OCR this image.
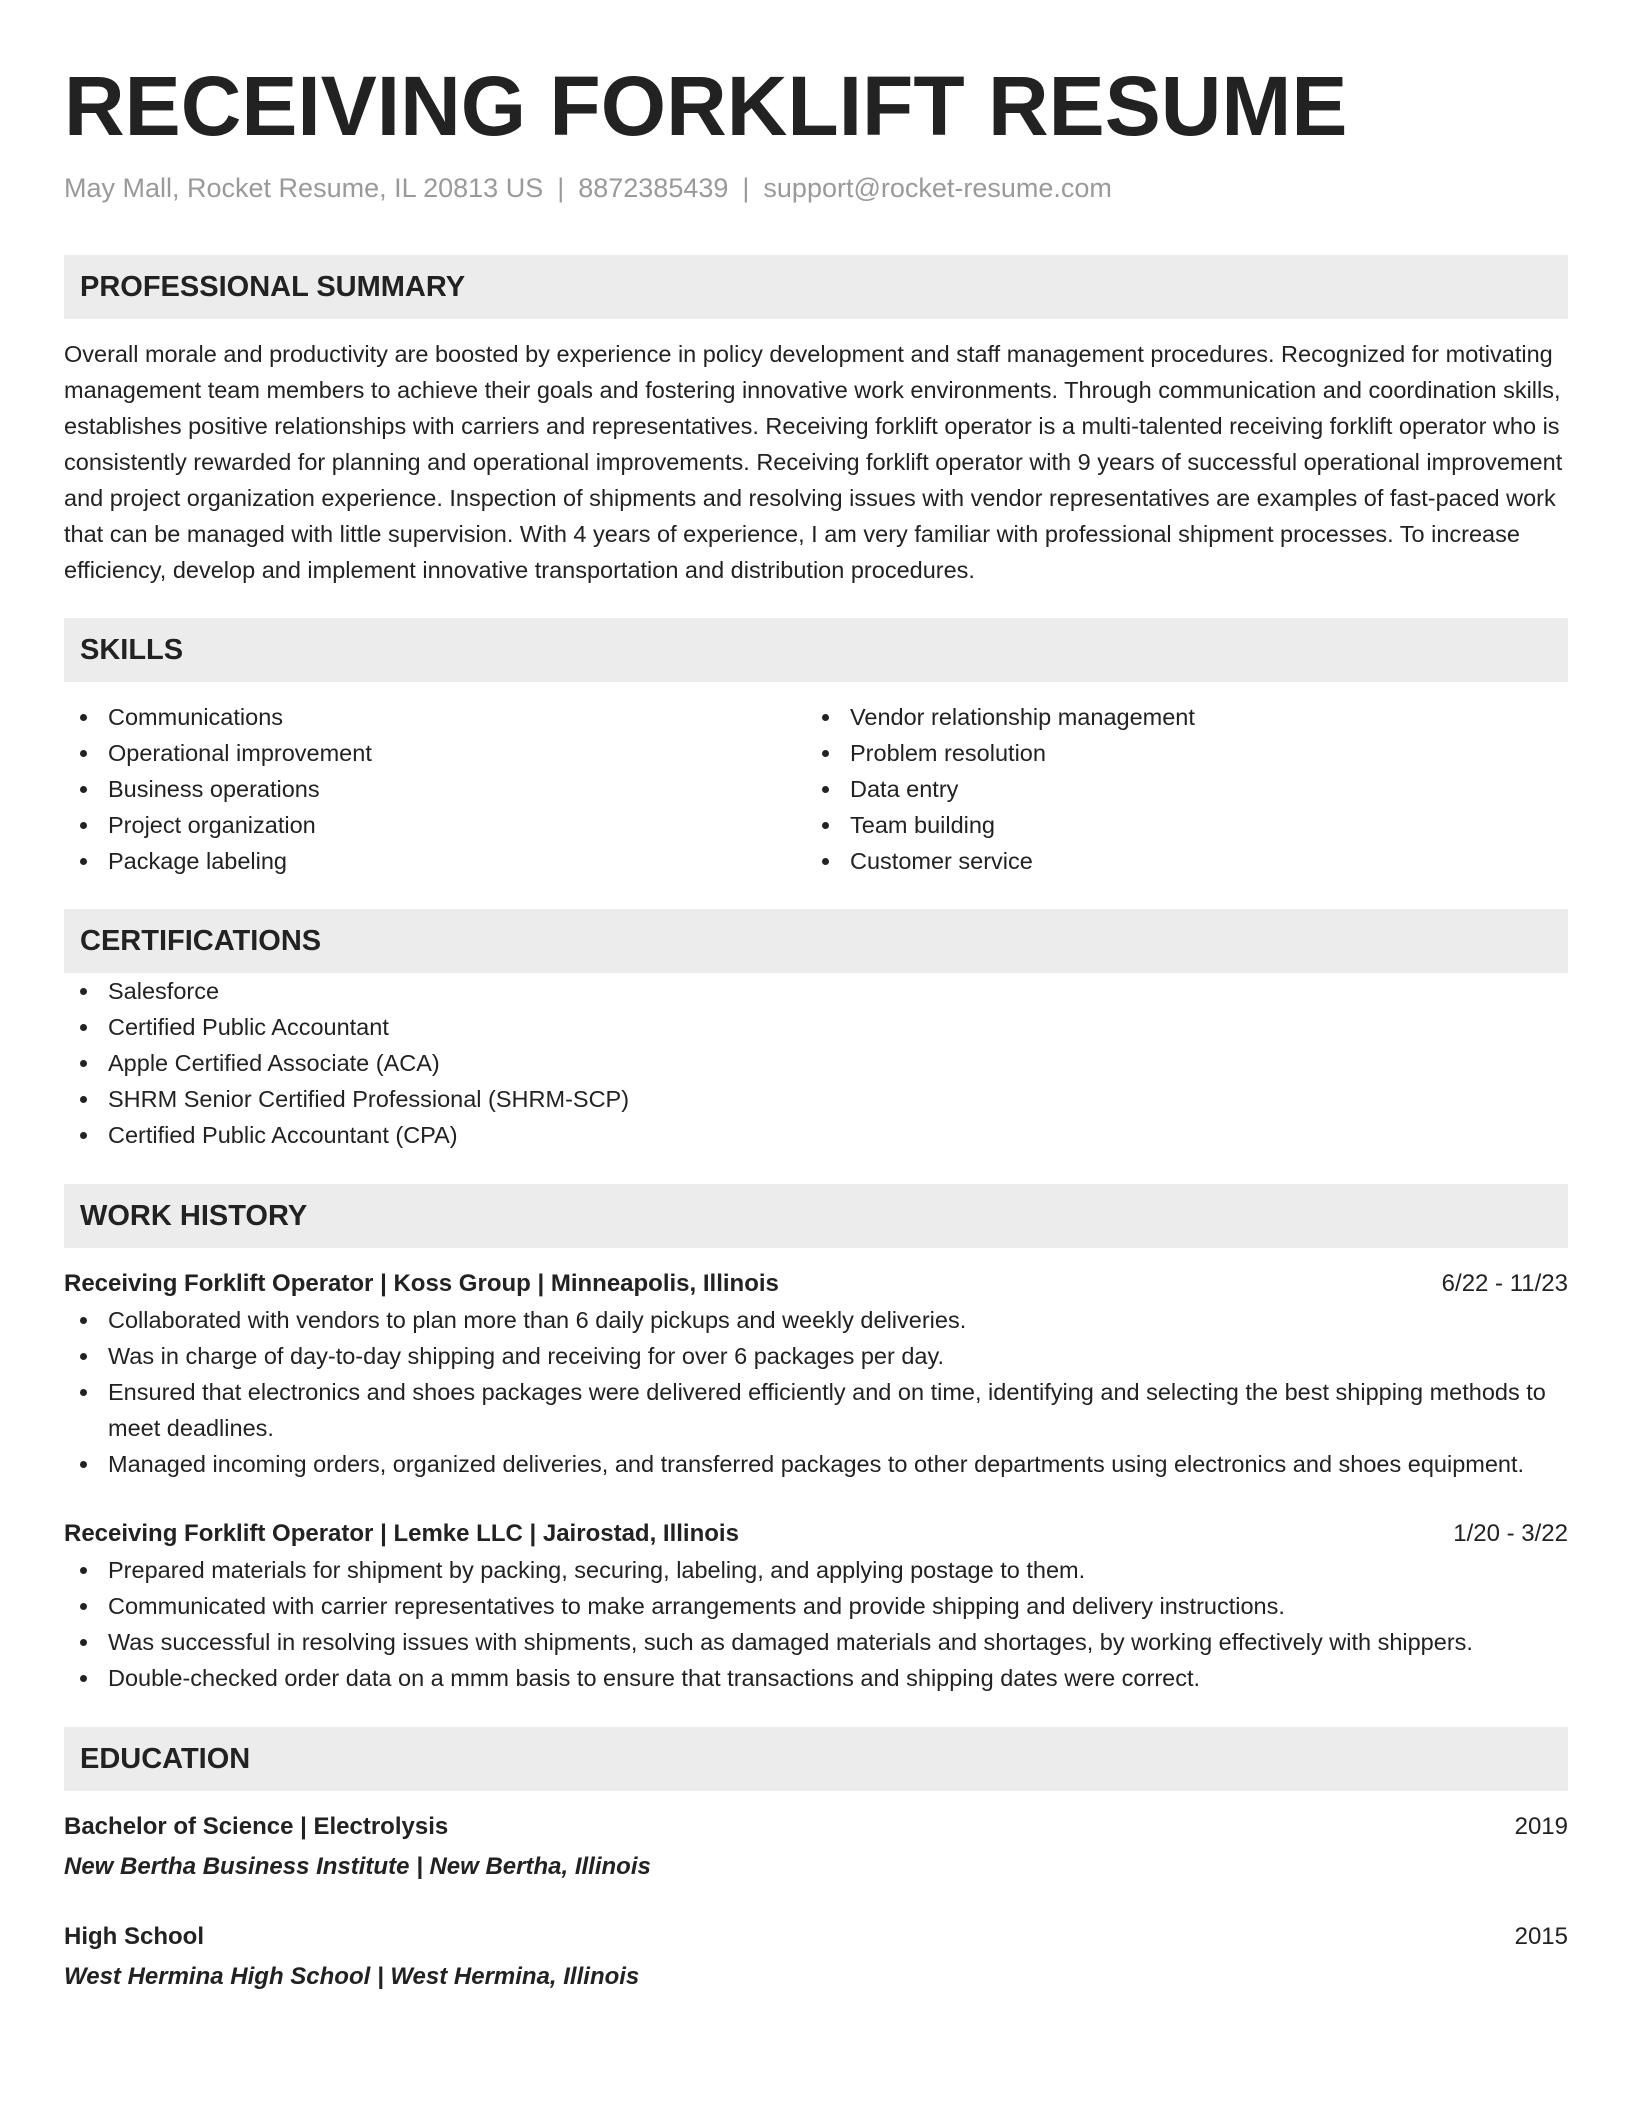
RECEIVING FORKLIFT RESUME
May Mall, Rocket Resume, IL 20813 US | 8872385439 | support@rocket-resume.com
PROFESSIONAL SUMMARY
Overall morale and productivity are boosted by experience in policy development and staff management procedures. Recognized for motivating management team members to achieve their goals and fostering innovative work environments. Through communication and coordination skills, establishes positive relationships with carriers and representatives. Receiving forklift operator is a multi-talented receiving forklift operator who is consistently rewarded for planning and operational improvements. Receiving forklift operator with 9 years of successful operational improvement and project organization experience. Inspection of shipments and resolving issues with vendor representatives are examples of fast-paced work that can be managed with little supervision. With 4 years of experience, I am very familiar with professional shipment processes. To increase efficiency, develop and implement innovative transportation and distribution procedures.
SKILLS
Communications
Operational improvement
Business operations
Project organization
Package labeling
Vendor relationship management
Problem resolution
Data entry
Team building
Customer service
CERTIFICATIONS
Salesforce
Certified Public Accountant
Apple Certified Associate (ACA)
SHRM Senior Certified Professional (SHRM-SCP)
Certified Public Accountant (CPA)
WORK HISTORY
Receiving Forklift Operator | Koss Group | Minneapolis, Illinois	6/22 - 11/23
Collaborated with vendors to plan more than 6 daily pickups and weekly deliveries.
Was in charge of day-to-day shipping and receiving for over 6 packages per day.
Ensured that electronics and shoes packages were delivered efficiently and on time, identifying and selecting the best shipping methods to meet deadlines.
Managed incoming orders, organized deliveries, and transferred packages to other departments using electronics and shoes equipment.
Receiving Forklift Operator | Lemke LLC | Jairostad, Illinois	1/20 - 3/22
Prepared materials for shipment by packing, securing, labeling, and applying postage to them.
Communicated with carrier representatives to make arrangements and provide shipping and delivery instructions.
Was successful in resolving issues with shipments, such as damaged materials and shortages, by working effectively with shippers.
Double-checked order data on a mmm basis to ensure that transactions and shipping dates were correct.
EDUCATION
Bachelor of Science | Electrolysis	2019
New Bertha Business Institute | New Bertha, Illinois
High School	2015
West Hermina High School | West Hermina, Illinois
